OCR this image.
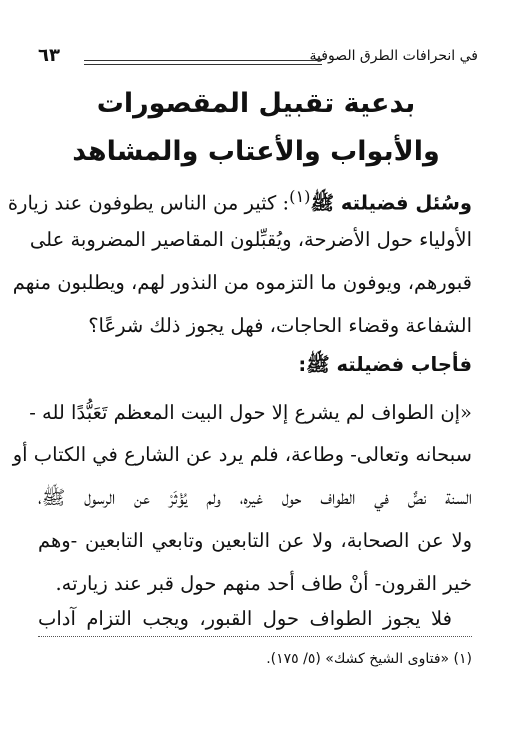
في انحرافات الطرق الصوفية
٦٣
بدعية تقبيل المقصورات
والأبواب والأعتاب والمشاهد
وسُئل فضيلته ﷺ$^{(١)}$: كثير من الناس يطوفون عند زيارة
الأولياء حول الأضرحة، ويُقبِّلون المقاصير المضروبة على
قبورهم، ويوفون ما التزموه من النذور لهم، ويطلبون منهم
الشفاعة وقضاء الحاجات، فهل يجوز ذلك شرعًا؟
فأجاب فضيلته ﷺ:
«إن الطواف لم يشرع إلا حول البيت المعظم تَعَبُّدًا لله -
سبحانه وتعالى- وطاعة، فلم يرد عن الشارع في الكتاب أو
السنة نصٌّ في الطواف حول غيره، ولم يُؤْثَرْ عن الرسول ﷺ،
ولا عن الصحابة، ولا عن التابعين وتابعي التابعين -وهم
خير القرون- أنْ طاف أحد منهم حول قبر عند زيارته.
فلا يجوز الطواف حول القبور، ويجب التزام آداب
(١) «فتاوى الشيخ كشك» (٥/ ١٧٥).
